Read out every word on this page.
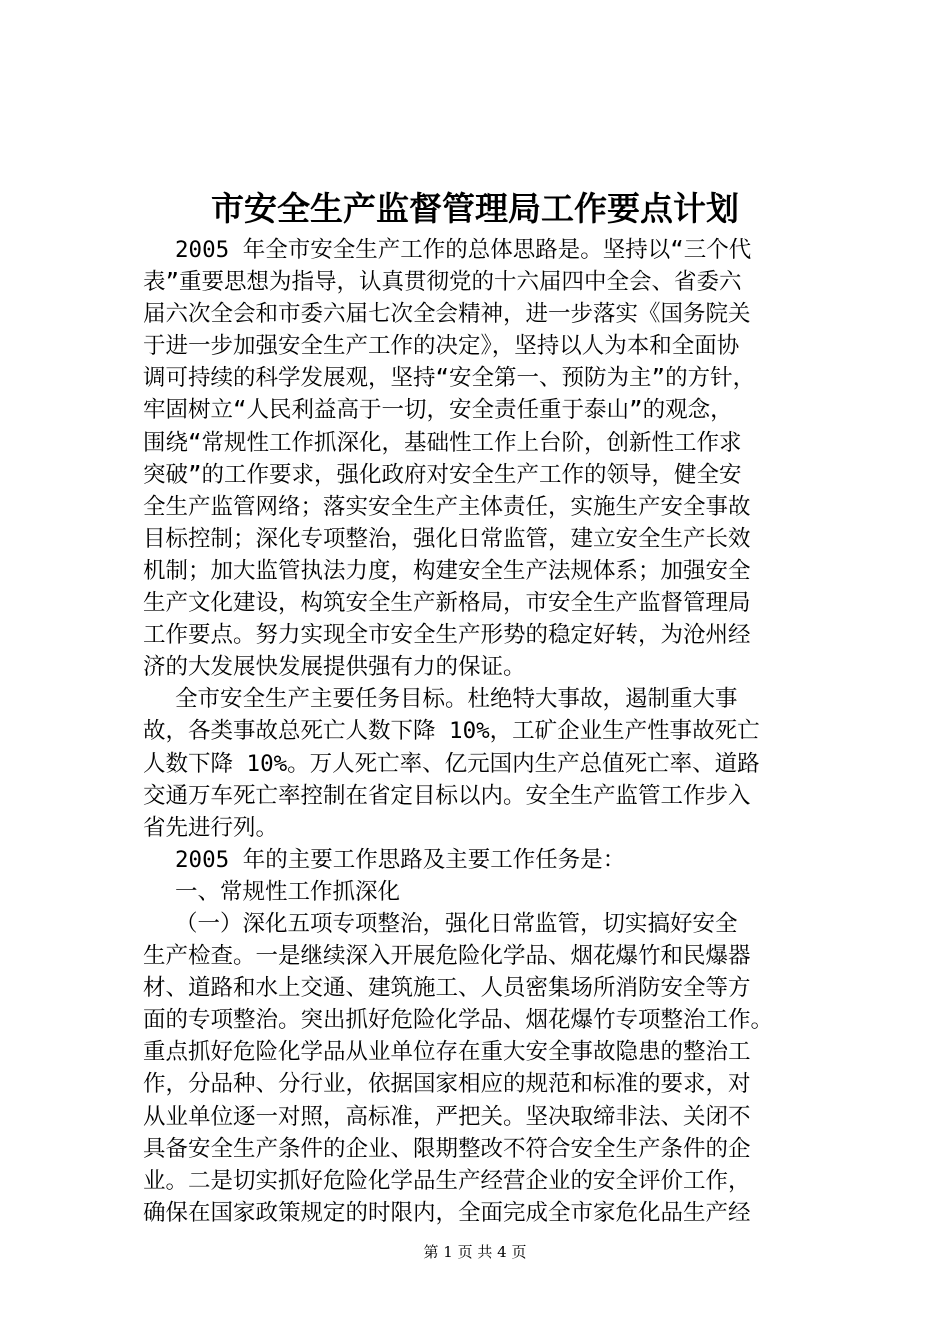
市安全生产监督管理局工作要点计划

2005 年全市安全生产工作的总体思路是。坚持以“三个代

表”重要思想为指导，认真贯彻党的十六届四中全会、省委六

届六次全会和市委六届七次全会精神，进一步落实《国务院关

于进一步加强安全生产工作的决定》，坚持以人为本和全面协

调可持续的科学发展观，坚持“安全第一、预防为主”的方针，

牢固树立“人民利益高于一切，安全责任重于泰山”的观念，

围绕“常规性工作抓深化，基础性工作上台阶，创新性工作求

突破”的工作要求，强化政府对安全生产工作的领导，健全安

全生产监管网络；落实安全生产主体责任，实施生产安全事故

目标控制；深化专项整治，强化日常监管，建立安全生产长效

机制；加大监管执法力度，构建安全生产法规体系；加强安全

生产文化建设，构筑安全生产新格局，市安全生产监督管理局

工作要点。努力实现全市安全生产形势的稳定好转，为沧州经

济的大发展快发展提供强有力的保证。

全市安全生产主要任务目标。杜绝特大事故，遏制重大事

故，各类事故总死亡人数下降 10%，工矿企业生产性事故死亡

人数下降 10%。万人死亡率、亿元国内生产总值死亡率、道路

交通万车死亡率控制在省定目标以内。安全生产监管工作步入

省先进行列。

2005 年的主要工作思路及主要工作任务是：

一、常规性工作抓深化

（一）深化五项专项整治，强化日常监管，切实搞好安全

生产检查。一是继续深入开展危险化学品、烟花爆竹和民爆器

材、道路和水上交通、建筑施工、人员密集场所消防安全等方

面的专项整治。突出抓好危险化学品、烟花爆竹专项整治工作。

重点抓好危险化学品从业单位存在重大安全事故隐患的整治工

作，分品种、分行业，依据国家相应的规范和标准的要求，对

从业单位逐一对照，高标准，严把关。坚决取缔非法、关闭不

具备安全生产条件的企业、限期整改不符合安全生产条件的企

业。二是切实抓好危险化学品生产经营企业的安全评价工作，

确保在国家政策规定的时限内，全面完成全市家危化品生产经

第 1 页 共 4 页
